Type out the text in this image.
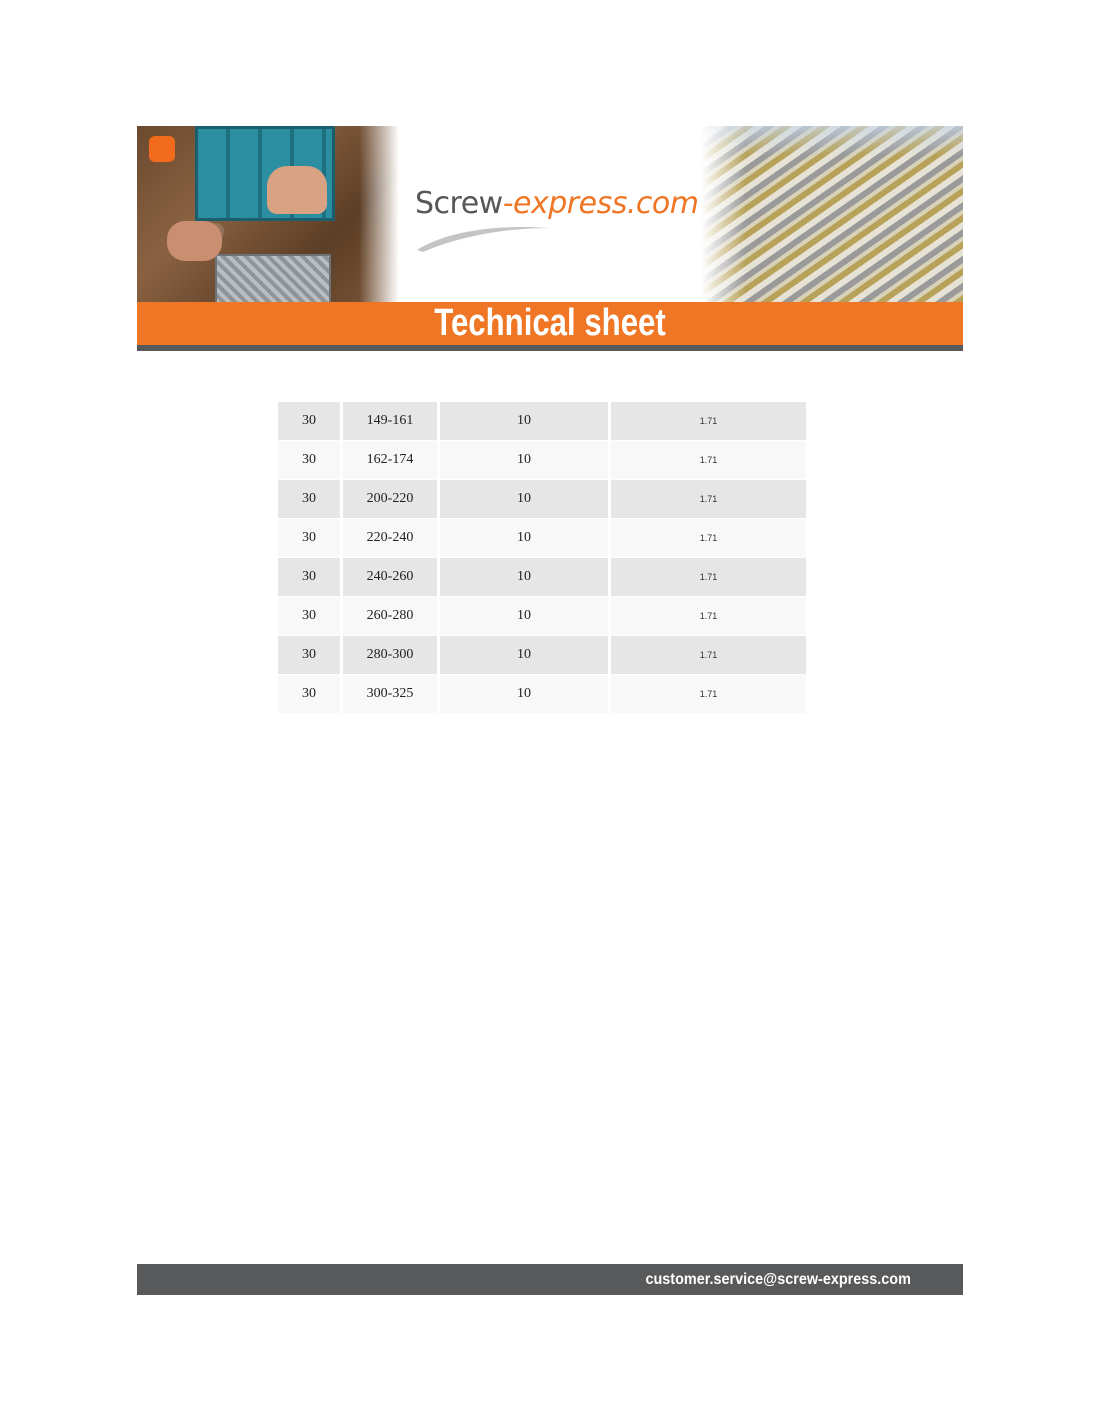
Screw-express.com
Technical sheet
30	149-161	10	1.71
30	162-174	10	1.71
30	200-220	10	1.71
30	220-240	10	1.71
30	240-260	10	1.71
30	260-280	10	1.71
30	280-300	10	1.71
30	300-325	10	1.71
customer.service@screw-express.com
